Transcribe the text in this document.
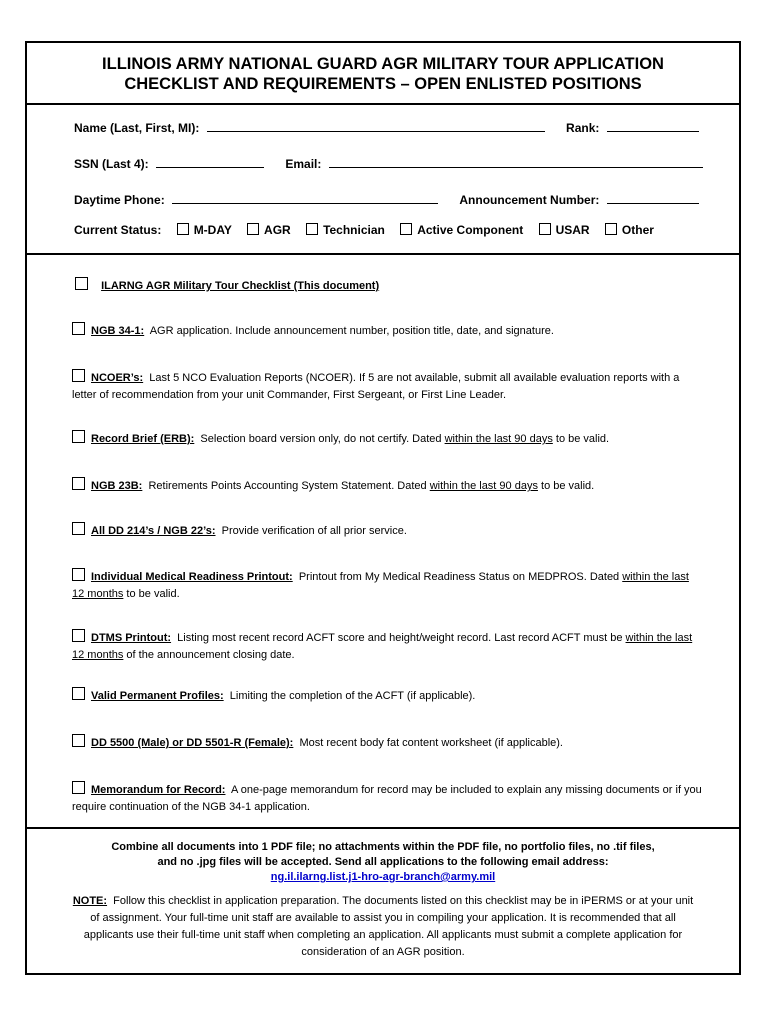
ILLINOIS ARMY NATIONAL GUARD AGR MILITARY TOUR APPLICATION
CHECKLIST AND REQUIREMENTS – OPEN ENLISTED POSITIONS
Name (Last, First, MI):	Rank:
SSN (Last 4):	Email:
Daytime Phone:	Announcement Number:
Current Status:	M-DAY	AGR	Technician	Active Component	USAR	Other
ILARNG AGR Military Tour Checklist (This document)
NGB 34-1: AGR application. Include announcement number, position title, date, and signature.
NCOER’s: Last 5 NCO Evaluation Reports (NCOER). If 5 are not available, submit all available evaluation reports with a letter of recommendation from your unit Commander, First Sergeant, or First Line Leader.
Record Brief (ERB): Selection board version only, do not certify. Dated within the last 90 days to be valid.
NGB 23B: Retirements Points Accounting System Statement. Dated within the last 90 days to be valid.
All DD 214’s / NGB 22’s: Provide verification of all prior service.
Individual Medical Readiness Printout: Printout from My Medical Readiness Status on MEDPROS. Dated within the last 12 months to be valid.
DTMS Printout: Listing most recent record ACFT score and height/weight record. Last record ACFT must be within the last 12 months of the announcement closing date.
Valid Permanent Profiles: Limiting the completion of the ACFT (if applicable).
DD 5500 (Male) or DD 5501-R (Female): Most recent body fat content worksheet (if applicable).
Memorandum for Record: A one-page memorandum for record may be included to explain any missing documents or if you require continuation of the NGB 34-1 application.
Combine all documents into 1 PDF file; no attachments within the PDF file, no portfolio files, no .tif files,
and no .jpg files will be accepted. Send all applications to the following email address:
ng.il.ilarng.list.j1-hro-agr-branch@army.mil
NOTE: Follow this checklist in application preparation. The documents listed on this checklist may be in iPERMS or at your unit of assignment. Your full-time unit staff are available to assist you in compiling your application. It is recommended that all applicants use their full-time unit staff when completing an application. All applicants must submit a complete application for consideration of an AGR position.
